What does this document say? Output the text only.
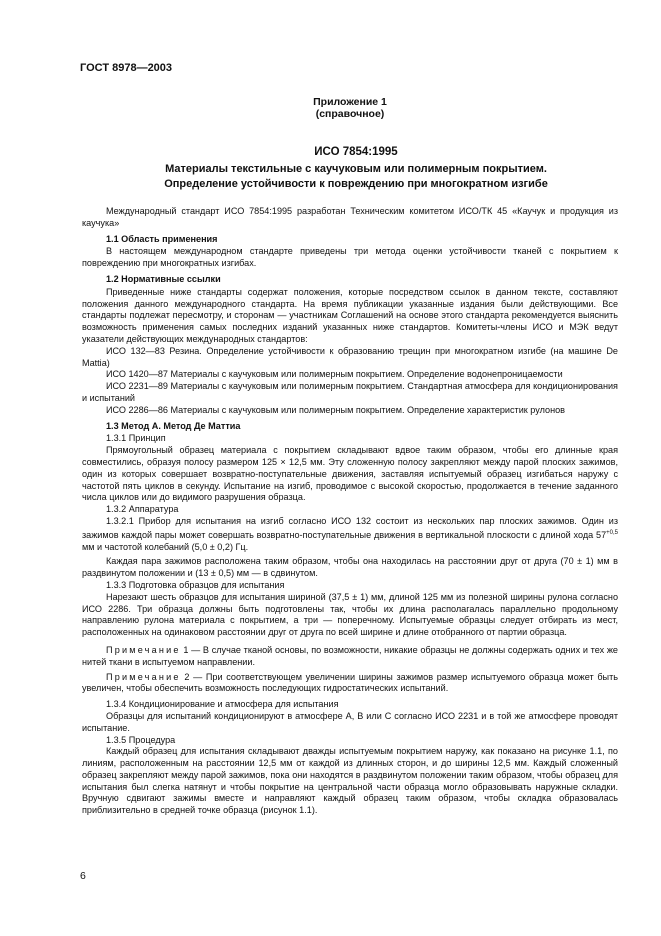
ГОСТ 8978—2003
Приложение 1
(справочное)
ИСО 7854:1995
Материалы текстильные с каучуковым или полимерным покрытием.
Определение устойчивости к повреждению при многократном изгибе

Международный стандарт ИСО 7854:1995 разработан Техническим комитетом ИСО/ТК 45 «Каучук и продукция из каучука»

1.1 Область применения

В настоящем международном стандарте приведены три метода оценки устойчивости тканей с покрытием к повреждению при многократных изгибах.

1.2 Нормативные ссылки

Приведенные ниже стандарты содержат положения, которые посредством ссылок в данном тексте, составляют положения данного международного стандарта. На время публикации указанные издания были действующими. Все стандарты подлежат пересмотру, и сторонам — участникам Соглашений на основе этого стандарта рекомендуется выяснить возможность применения самых последних изданий указанных ниже стандартов. Комитеты-члены ИСО и МЭК ведут указатели действующих международных стандартов:

ИСО 132—83 Резина. Определение устойчивости к образованию трещин при многократном изгибе (на машине De Mattia)

ИСО 1420—87 Материалы с каучуковым или полимерным покрытием. Определение водонепроницаемости

ИСО 2231—89 Материалы с каучуковым или полимерным покрытием. Стандартная атмосфера для кондиционирования и испытаний

ИСО 2286—86 Материалы с каучуковым или полимерным покрытием. Определение характеристик рулонов

1.3 Метод А. Метод Де Маттиа

1.3.1 Принцип

Прямоугольный образец материала с покрытием складывают вдвое таким образом, чтобы его длинные края совместились, образуя полосу размером 125 × 12,5 мм. Эту сложенную полосу закрепляют между парой плоских зажимов, один из которых совершает возвратно-поступательные движения, заставляя испытуемый образец изгибаться наружу с частотой пять циклов в секунду. Испытание на изгиб, проводимое с высокой скоростью, продолжается в течение заданного числа циклов или до видимого разрушения образца.

1.3.2 Аппаратура

1.3.2.1 Прибор для испытания на изгиб согласно ИСО 132 состоит из нескольких пар плоских зажимов. Один из зажимов каждой пары может совершать возвратно-поступательные движения в вертикальной плоскости с длиной хода $57^{+0,5}$ мм и частотой колебаний (5,0 ± 0,2) Гц.

Каждая пара зажимов расположена таким образом, чтобы она находилась на расстоянии друг от друга (70 ± 1) мм в раздвинутом положении и (13 ± 0,5) мм — в сдвинутом.

1.3.3 Подготовка образцов для испытания

Нарезают шесть образцов для испытания шириной (37,5 ± 1) мм, длиной 125 мм из полезной ширины рулона согласно ИСО 2286. Три образца должны быть подготовлены так, чтобы их длина располагалась параллельно продольному направлению рулона материала с покрытием, а три — поперечному. Испытуемые образцы следует отбирать из мест, расположенных на одинаковом расстоянии друг от друга по всей ширине и длине отобранного от партии образца.

Примечание 1 — В случае тканой основы, по возможности, никакие образцы не должны содержать одних и тех же нитей ткани в испытуемом направлении.

Примечание 2 — При соответствующем увеличении ширины зажимов размер испытуемого образца может быть увеличен, чтобы обеспечить возможность последующих гидростатических испытаний.

1.3.4 Кондиционирование и атмосфера для испытания

Образцы для испытаний кондиционируют в атмосфере А, В или С согласно ИСО 2231 и в той же атмосфере проводят испытание.

1.3.5 Процедура

Каждый образец для испытания складывают дважды испытуемым покрытием наружу, как показано на рисунке 1.1, по линиям, расположенным на расстоянии 12,5 мм от каждой из длинных сторон, и до ширины 12,5 мм. Каждый сложенный образец закрепляют между парой зажимов, пока они находятся в раздвинутом положении таким образом, чтобы образец для испытания был слегка натянут и чтобы покрытие на центральной части образца могло образовывать наружные складки. Вручную сдвигают зажимы вместе и направляют каждый образец таким образом, чтобы складка образовалась приблизительно в средней точке образца (рисунок 1.1).

6
